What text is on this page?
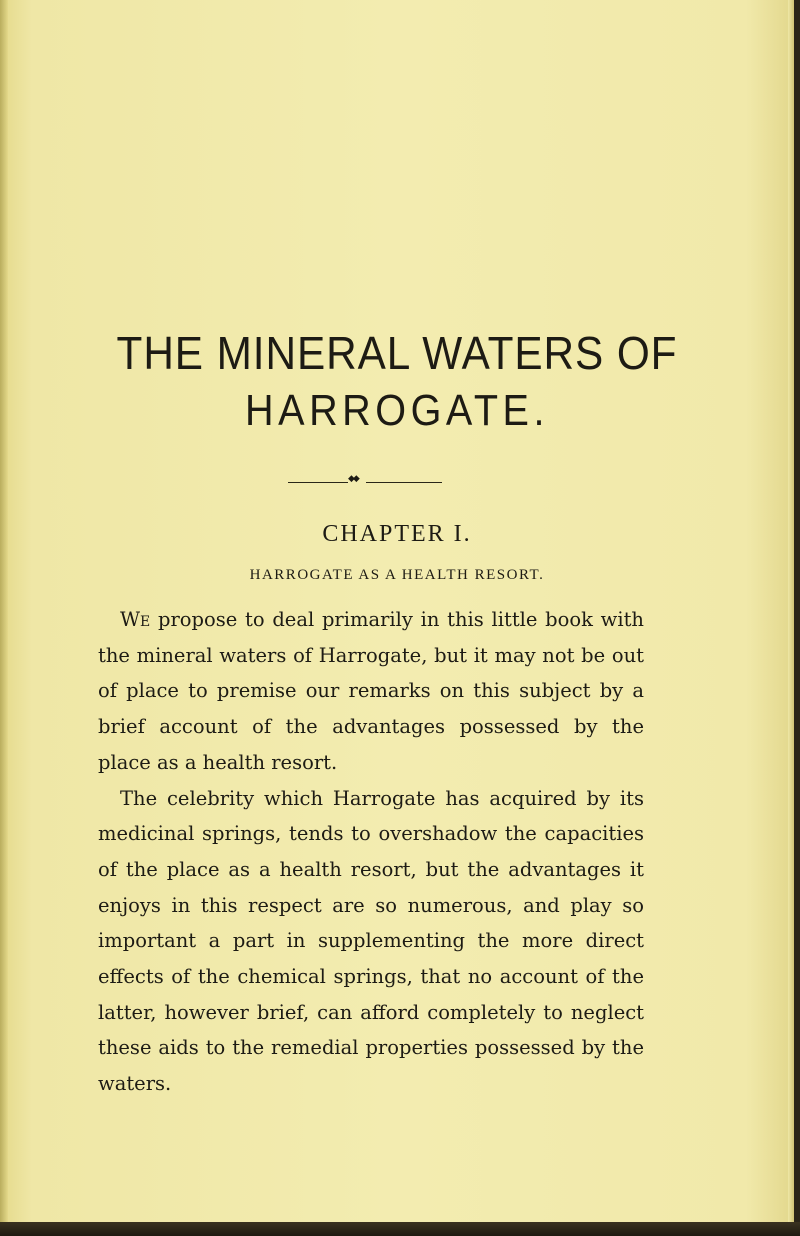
THE MINERAL WATERS OF
HARROGATE.
◆◆
CHAPTER I.
HARROGATE AS A HEALTH RESORT.

We propose to deal primarily in this little book with the mineral waters of Harrogate, but it may not be out of place to premise our remarks on this subject by a brief account of the advantages possessed by the place as a health resort.

The celebrity which Harrogate has acquired by its medicinal springs, tends to overshadow the capacities of the place as a health resort, but the advantages it enjoys in this respect are so numerous, and play so important a part in supplementing the more direct effects of the chemical springs, that no account of the latter, however brief, can afford completely to neglect these aids to the remedial properties possessed by the waters.
